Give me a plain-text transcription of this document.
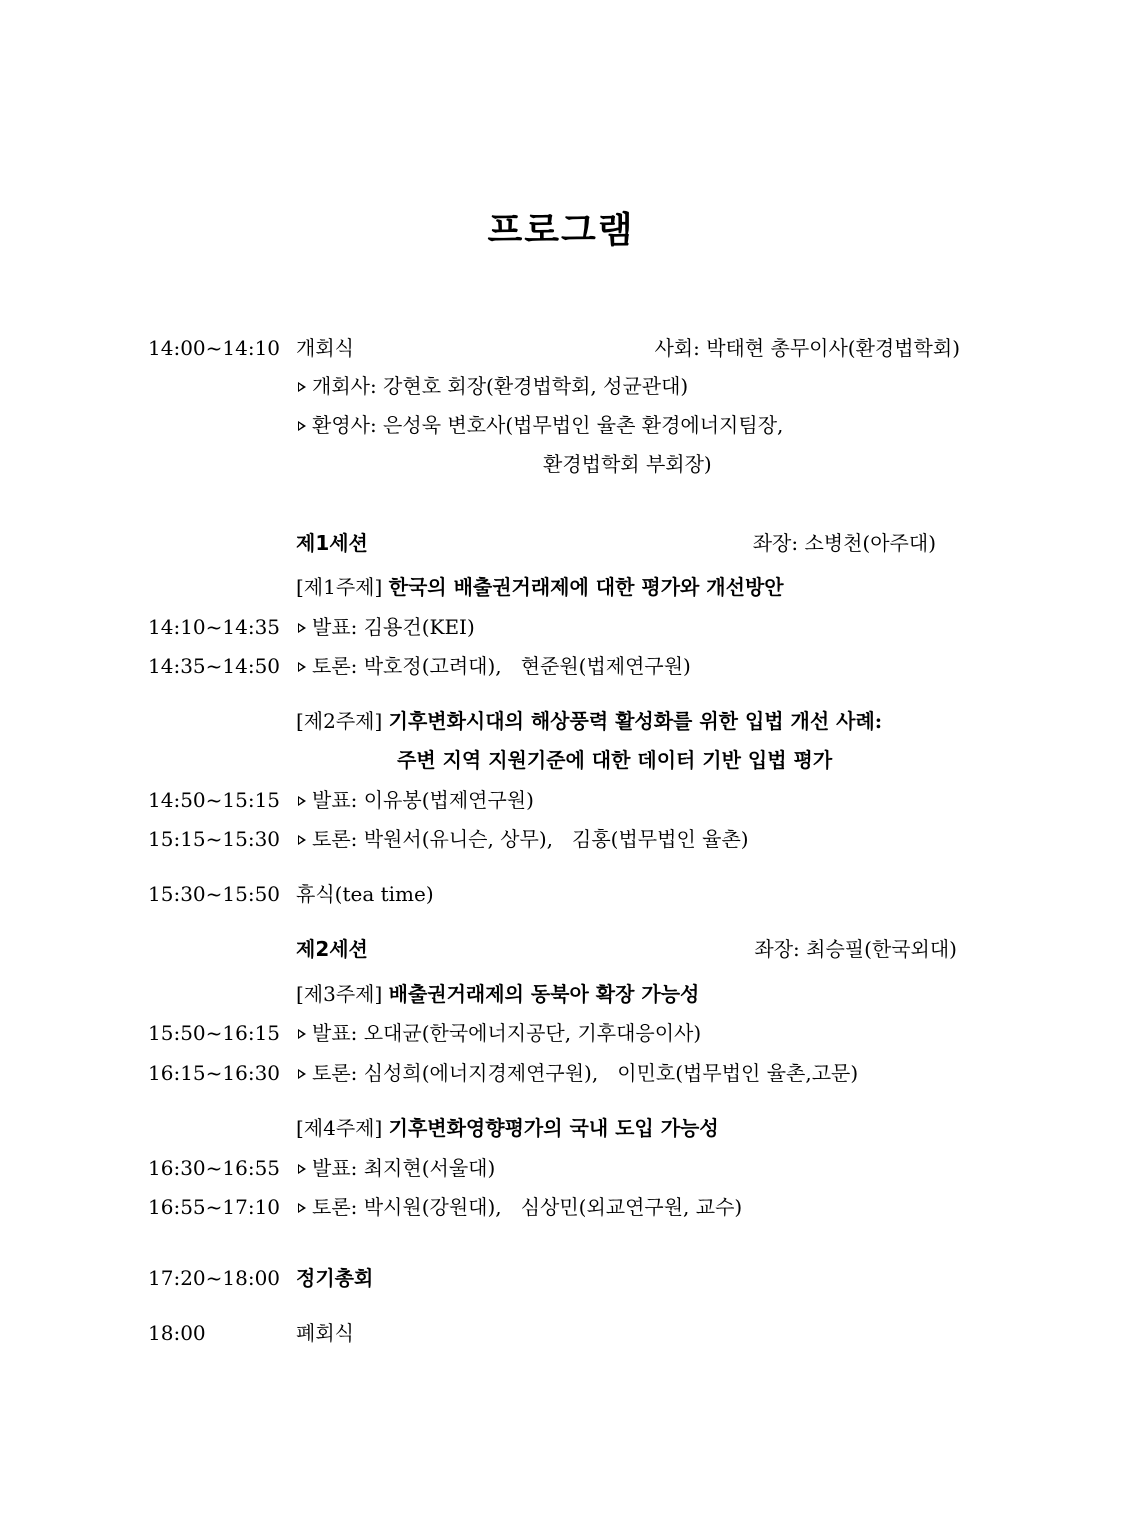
프로그램
14:00~14:10 개회식	사회: 박태현 총무이사(환경법학회)
개회사: 강현호 회장(환경법학회, 성균관대)
환영사: 은성욱 변호사(법무법인 율촌 환경에너지팀장,
환경법학회 부회장)
제1세션	좌장: 소병천(아주대)
[제1주제] 한국의 배출권거래제에 대한 평가와 개선방안
14:10~14:35	발표: 김용건(KEI)
14:35~14:50	토론: 박호정(고려대),   현준원(법제연구원)
[제2주제] 기후변화시대의 해상풍력 활성화를 위한 입법 개선 사례:
주변 지역 지원기준에 대한 데이터 기반 입법 평가
14:50~15:15	발표: 이유봉(법제연구원)
15:15~15:30	토론: 박원서(유니슨, 상무),   김홍(법무법인 율촌)
15:30~15:50 휴식(tea time)
제2세션	좌장: 최승필(한국외대)
[제3주제] 배출권거래제의 동북아 확장 가능성
15:50~16:15	발표: 오대균(한국에너지공단, 기후대응이사)
16:15~16:30	토론: 심성희(에너지경제연구원),   이민호(법무법인 율촌,고문)
[제4주제] 기후변화영향평가의 국내 도입 가능성
16:30~16:55	발표: 최지현(서울대)
16:55~17:10	토론: 박시원(강원대),   심상민(외교연구원, 교수)
17:20~18:00 정기총회
18:00	폐회식
